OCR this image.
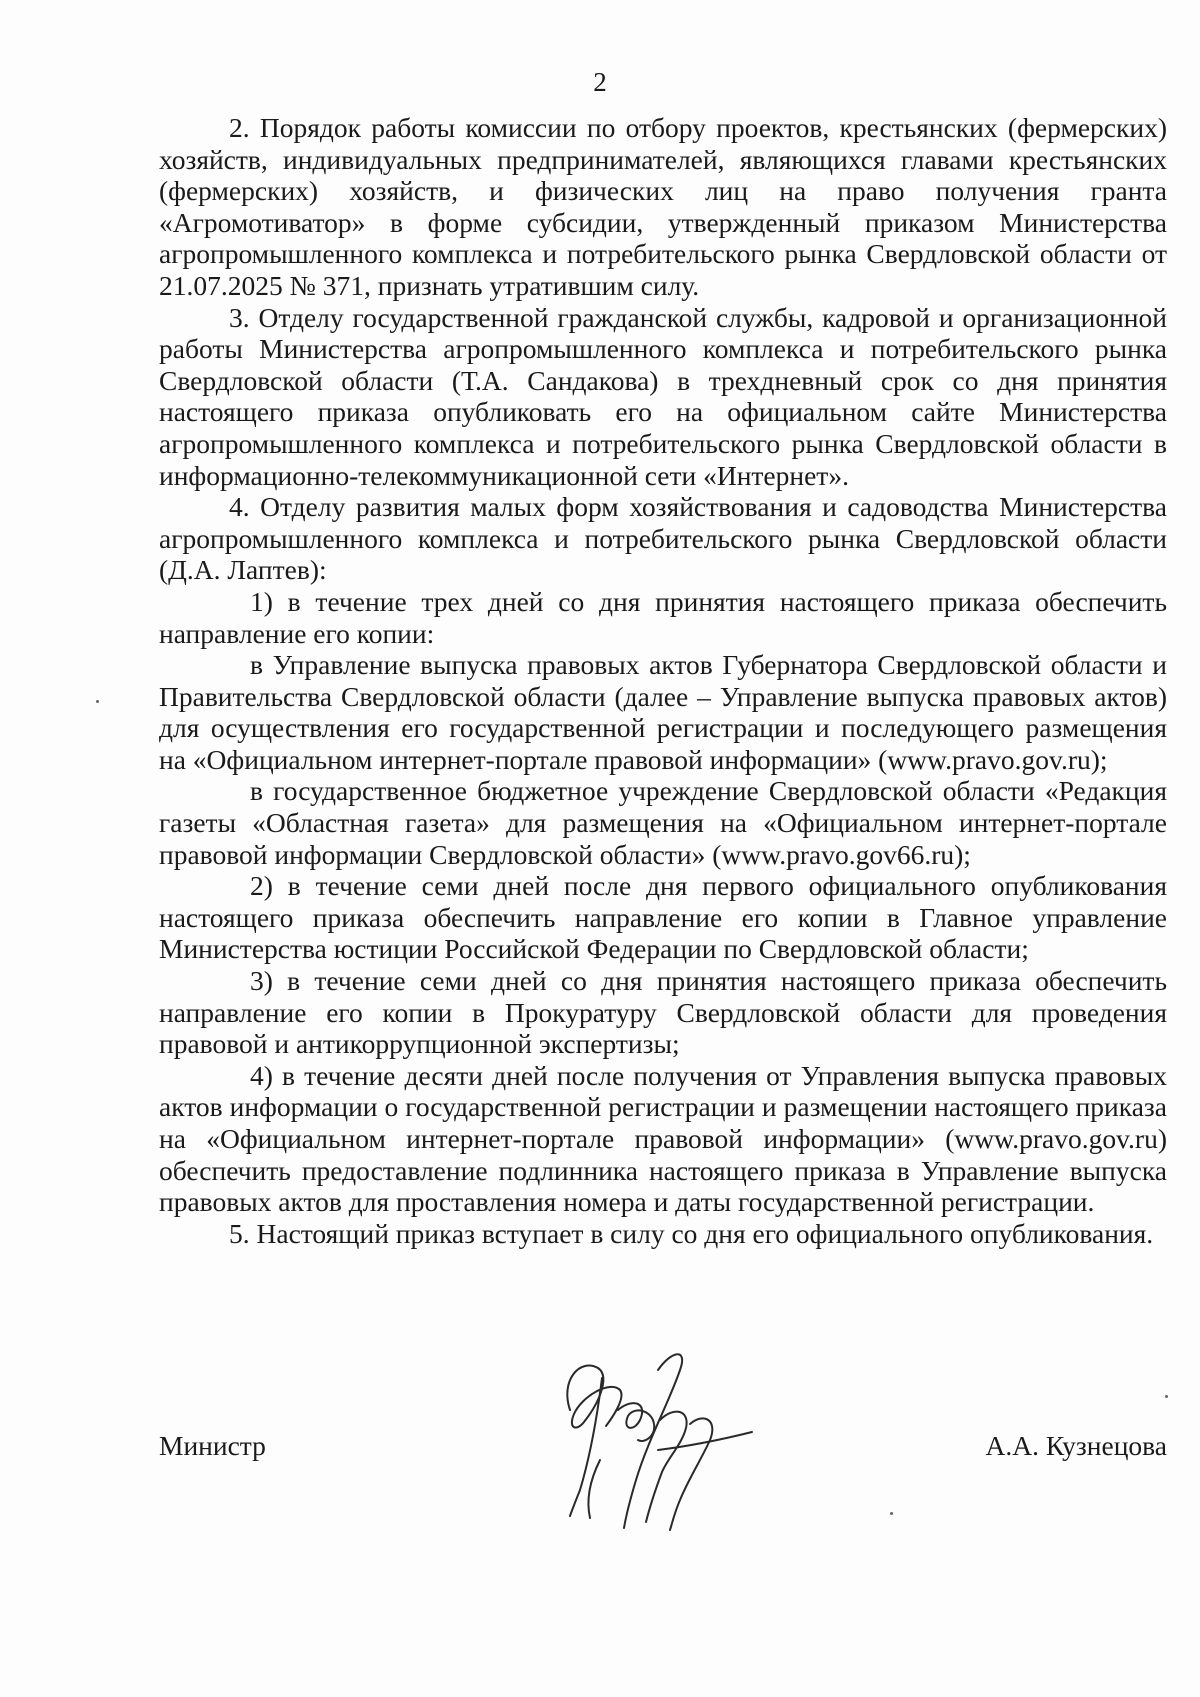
2

2. Порядок работы комиссии по отбору проектов, крестьянских (фермерских) хозяйств, индивидуальных предпринимателей, являющихся главами крестьянских (фермерских) хозяйств, и физических лиц на право получения гранта «Агромотиватор» в форме субсидии, утвержденный приказом Министерства агропромышленного комплекса и потребительского рынка Свердловской области от 21.07.2025 № 371, признать утратившим силу.

3. Отделу государственной гражданской службы, кадровой и организационной работы Министерства агропромышленного комплекса и потребительского рынка Свердловской области (Т.А. Сандакова) в трехдневный срок со дня принятия настоящего приказа опубликовать его на официальном сайте Министерства агропромышленного комплекса и потребительского рынка Свердловской области в информационно-телекоммуникационной сети «Интернет».

4. Отделу развития малых форм хозяйствования и садоводства Министерства агропромышленного комплекса и потребительского рынка Свердловской области (Д.А. Лаптев):

1) в течение трех дней со дня принятия настоящего приказа обеспечить направление его копии:

в Управление выпуска правовых актов Губернатора Свердловской области и Правительства Свердловской области (далее – Управление выпуска правовых актов) для осуществления его государственной регистрации и последующего размещения на «Официальном интернет-портале правовой информации» (www.pravo.gov.ru);

в государственное бюджетное учреждение Свердловской области «Редакция газеты «Областная газета» для размещения на «Официальном интернет-портале правовой информации Свердловской области» (www.pravo.gov66.ru);

2) в течение семи дней после дня первого официального опубликования настоящего приказа обеспечить направление его копии в Главное управление Министерства юстиции Российской Федерации по Свердловской области;

3) в течение семи дней со дня принятия настоящего приказа обеспечить направление его копии в Прокуратуру Свердловской области для проведения правовой и антикоррупционной экспертизы;

4) в течение десяти дней после получения от Управления выпуска правовых актов информации о государственной регистрации и размещении настоящего приказа на «Официальном интернет-портале правовой информации» (www.pravo.gov.ru) обеспечить предоставление подлинника настоящего приказа в Управление выпуска правовых актов для проставления номера и даты государственной регистрации.

5. Настоящий приказ вступает в силу со дня его официального опубликования.

Министр	А.А. Кузнецова
